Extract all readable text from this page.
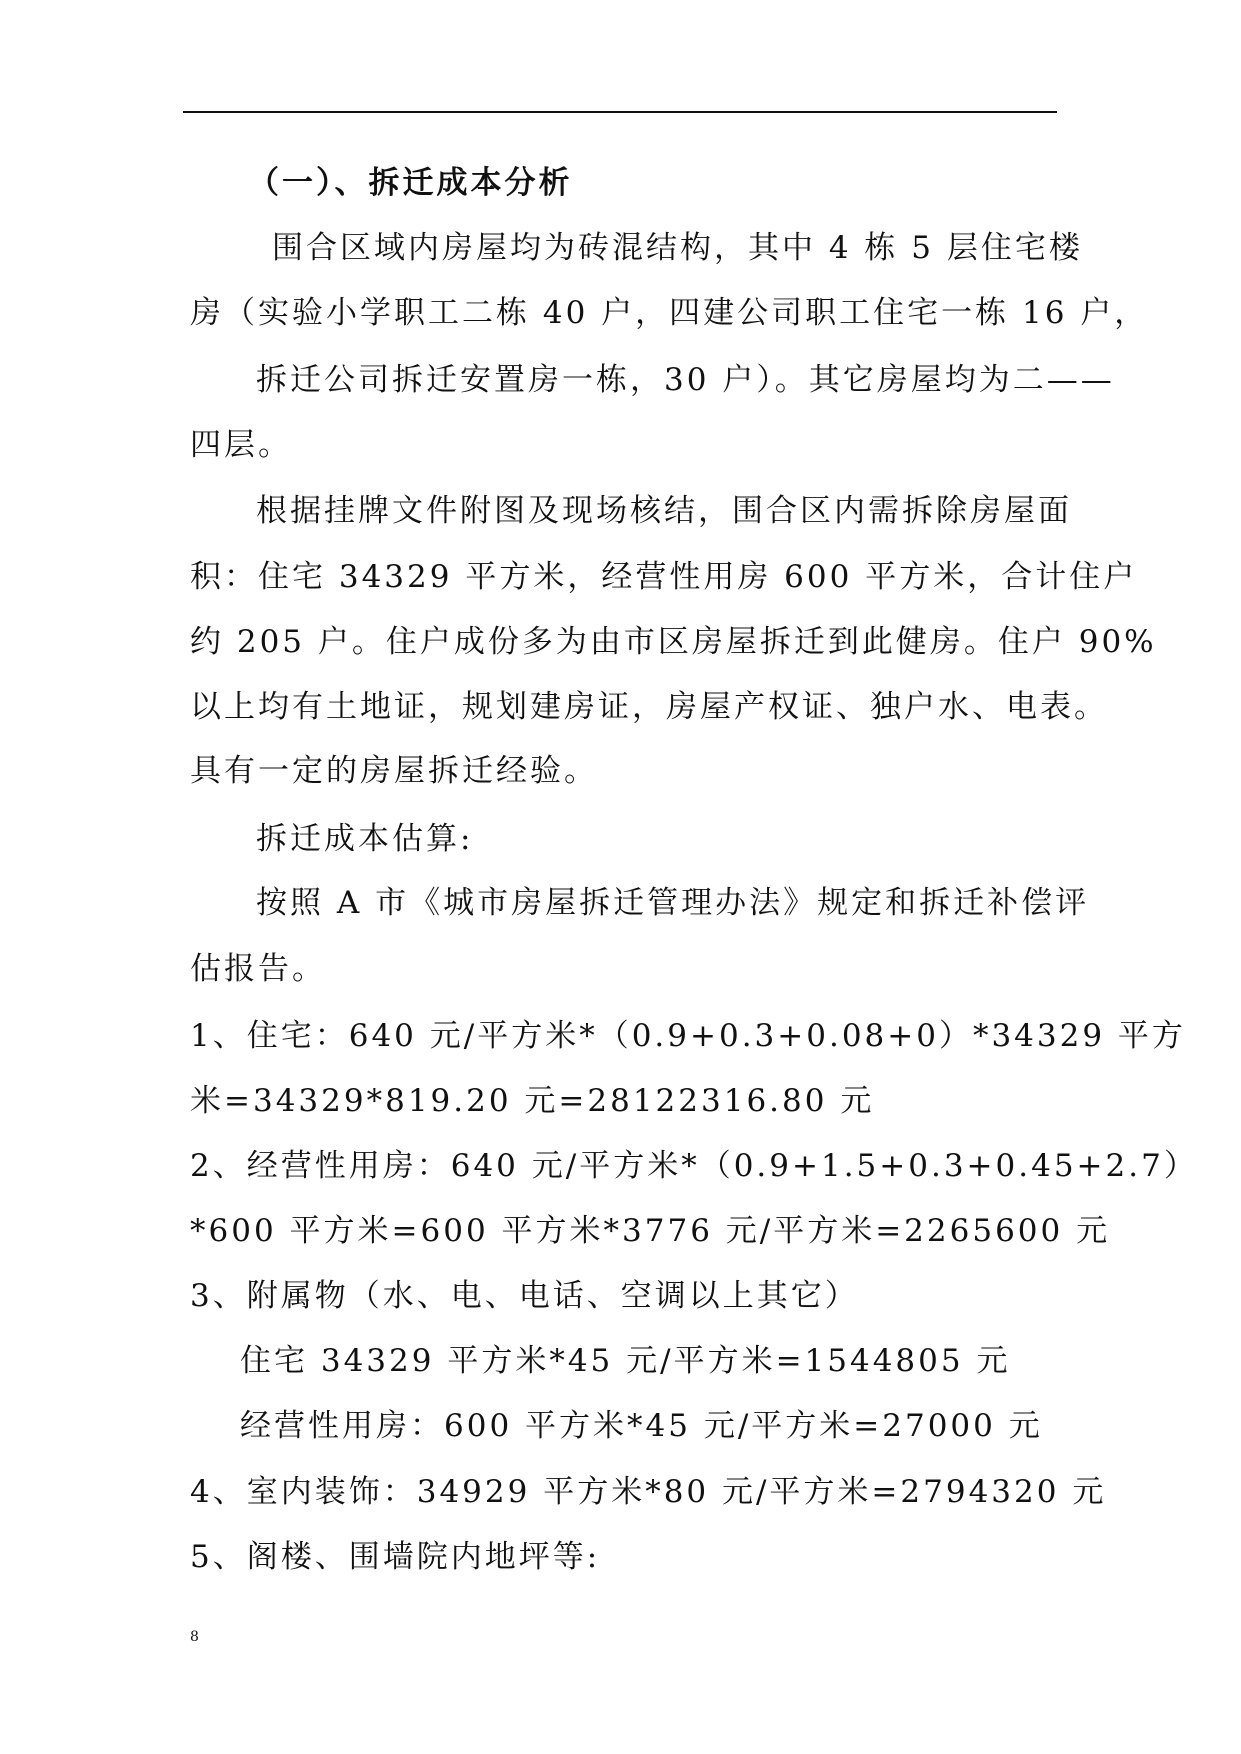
（一）、拆迁成本分析
围合区域内房屋均为砖混结构，其中 4 栋 5 层住宅楼
房（实验小学职工二栋 40 户，四建公司职工住宅一栋 16 户，
拆迁公司拆迁安置房一栋，30 户）。其它房屋均为二——
四层。
根据挂牌文件附图及现场核结，围合区内需拆除房屋面
积：住宅 34329 平方米，经营性用房 600 平方米，合计住户
约 205 户。住户成份多为由市区房屋拆迁到此健房。住户 90%
以上均有土地证，规划建房证，房屋产权证、独户水、电表。
具有一定的房屋拆迁经验。
拆迁成本估算:
按照 A 市《城市房屋拆迁管理办法》规定和拆迁补偿评
估报告。
1、住宅：640 元/平方米*（0.9+0.3+0.08+0）*34329 平方
米=34329*819.20 元=28122316.80 元
2、经营性用房：640 元/平方米*（0.9+1.5+0.3+0.45+2.7）
*600 平方米=600 平方米*3776 元/平方米=2265600 元
3、附属物（水、电、电话、空调以上其它）
住宅 34329 平方米*45 元/平方米=1544805 元
经营性用房：600 平方米*45 元/平方米=27000 元
4、室内装饰：34929 平方米*80 元/平方米=2794320 元
5、阁楼、围墙院内地坪等:
8
